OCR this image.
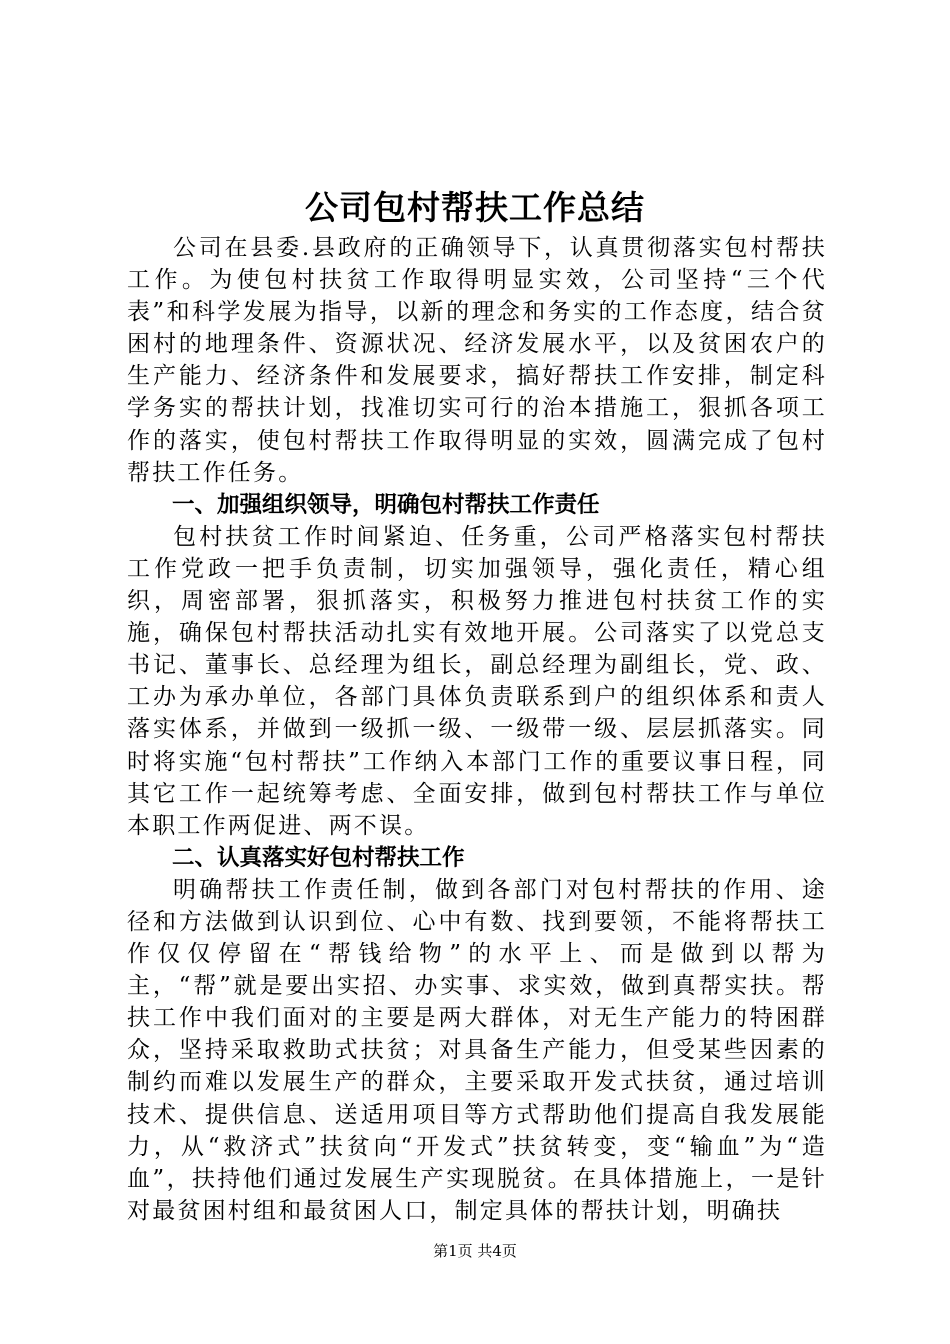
公司包村帮扶工作总结

公司在县委.县政府的正确领导下，认真贯彻落实包村帮扶工作。为使包村扶贫工作取得明显实效，公司坚持“三个代表”和科学发展为指导，以新的理念和务实的工作态度，结合贫困村的地理条件、资源状况、经济发展水平，以及贫困农户的生产能力、经济条件和发展要求，搞好帮扶工作安排，制定科学务实的帮扶计划，找准切实可行的治本措施工，狠抓各项工作的落实，使包村帮扶工作取得明显的实效，圆满完成了包村帮扶工作任务。

一、加强组织领导，明确包村帮扶工作责任

包村扶贫工作时间紧迫、任务重，公司严格落实包村帮扶工作党政一把手负责制，切实加强领导，强化责任，精心组织，周密部署，狠抓落实，积极努力推进包村扶贫工作的实施，确保包村帮扶活动扎实有效地开展。公司落实了以党总支书记、董事长、总经理为组长，副总经理为副组长，党、政、工办为承办单位，各部门具体负责联系到户的组织体系和责人落实体系，并做到一级抓一级、一级带一级、层层抓落实。同时将实施“包村帮扶”工作纳入本部门工作的重要议事日程，同其它工作一起统筹考虑、全面安排，做到包村帮扶工作与单位本职工作两促进、两不误。

二、认真落实好包村帮扶工作

明确帮扶工作责任制，做到各部门对包村帮扶的作用、途径和方法做到认识到位、心中有数、找到要领，不能将帮扶工作仅仅停留在“帮钱给物”的水平上、而是做到以帮为主，“帮”就是要出实招、办实事、求实效，做到真帮实扶。帮扶工作中我们面对的主要是两大群体，对无生产能力的特困群众，坚持采取救助式扶贫；对具备生产能力，但受某些因素的制约而难以发展生产的群众，主要采取开发式扶贫，通过培训技术、提供信息、送适用项目等方式帮助他们提高自我发展能力，从“救济式”扶贫向“开发式”扶贫转变，变“输血”为“造血”，扶持他们通过发展生产实现脱贫。在具体措施上，一是针对最贫困村组和最贫困人口，制定具体的帮扶计划，明确扶

第1页 共4页
